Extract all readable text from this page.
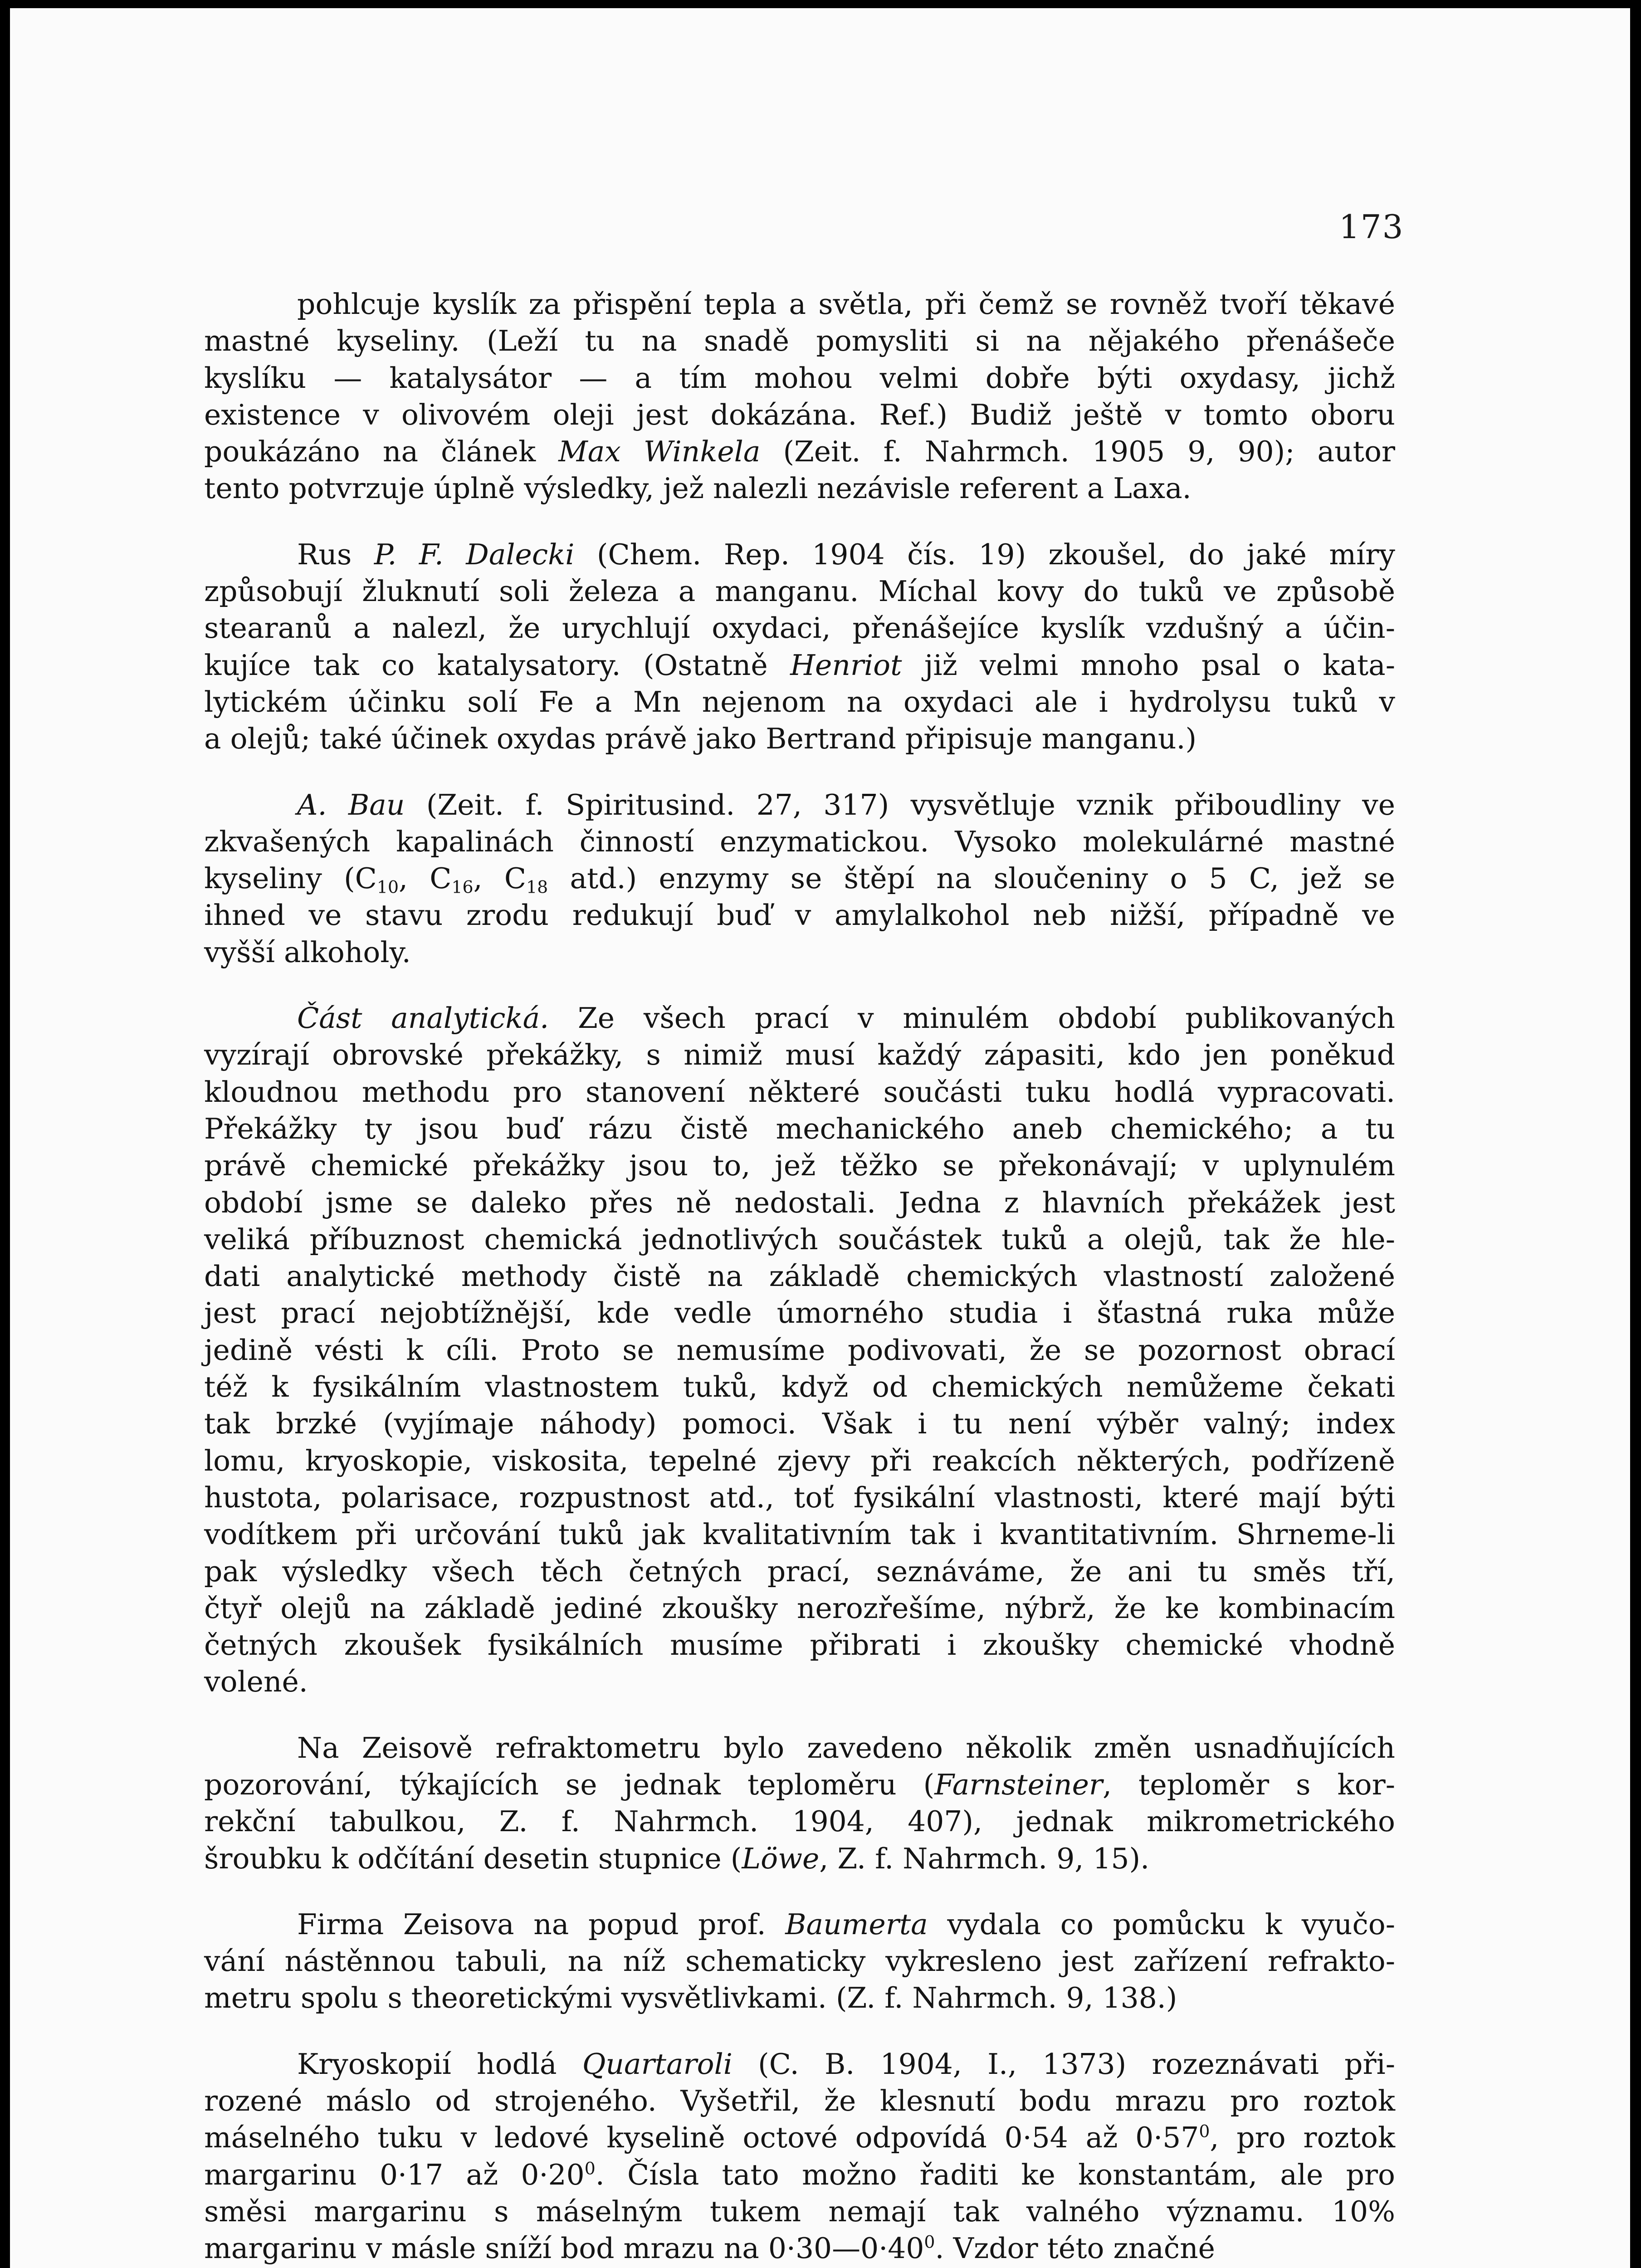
173
pohlcuje kyslík za přispění tepla a světla, při čemž se rovněž tvoří těkavé
mastné kyseliny. (Leží tu na snadě pomysliti si na nějakého přenášeče
kyslíku — katalysátor — a tím mohou velmi dobře býti oxydasy, jichž
existence v olivovém oleji jest dokázána. Ref.) Budiž ještě v tomto oboru
poukázáno na článek Max Winkela (Zeit. f. Nahrmch. 1905 9, 90); autor
tento potvrzuje úplně výsledky, jež nalezli nezávisle referent a Laxa.
Rus P. F. Dalecki (Chem. Rep. 1904 čís. 19) zkoušel, do jaké míry
způsobují žluknutí soli železa a manganu. Míchal kovy do tuků ve způsobě
stearanů a nalezl, že urychlují oxydaci, přenášejíce kyslík vzdušný a účin-
kujíce tak co katalysatory. (Ostatně Henriot již velmi mnoho psal o kata-
lytickém účinku solí Fe a Mn nejenom na oxydaci ale i hydrolysu tuků v
a olejů; také účinek oxydas právě jako Bertrand připisuje manganu.)
A. Bau (Zeit. f. Spiritusind. 27, 317) vysvětluje vznik přiboudliny ve
zkvašených kapalinách činností enzymatickou. Vysoko molekulárné mastné
kyseliny ($C_{10}$, $C_{16}$, $C_{18}$ atd.) enzymy se štěpí na sloučeniny o 5 C, jež se
ihned ve stavu zrodu redukují buď v amylalkohol neb nižší, případně ve
vyšší alkoholy.
Část analytická. Ze všech prací v minulém období publikovaných
vyzírají obrovské překážky, s nimiž musí každý zápasiti, kdo jen poněkud
kloudnou methodu pro stanovení některé součásti tuku hodlá vypracovati.
Překážky ty jsou buď rázu čistě mechanického aneb chemického; a tu
právě chemické překážky jsou to, jež těžko se překonávají; v uplynulém
období jsme se daleko přes ně nedostali. Jedna z hlavních překážek jest
veliká příbuznost chemická jednotlivých součástek tuků a olejů, tak že hle-
dati analytické methody čistě na základě chemických vlastností založené
jest prací nejobtížnější, kde vedle úmorného studia i šťastná ruka může
jedině vésti k cíli. Proto se nemusíme podivovati, že se pozornost obrací
též k fysikálním vlastnostem tuků, když od chemických nemůžeme čekati
tak brzké (vyjímaje náhody) pomoci. Však i tu není výběr valný; index
lomu, kryoskopie, viskosita, tepelné zjevy při reakcích některých, podřízeně
hustota, polarisace, rozpustnost atd., toť fysikální vlastnosti, které mají býti
vodítkem při určování tuků jak kvalitativním tak i kvantitativním. Shrneme-li
pak výsledky všech těch četných prací, seznáváme, že ani tu směs tří,
čtyř olejů na základě jediné zkoušky nerozřešíme, nýbrž, že ke kombinacím
četných zkoušek fysikálních musíme přibrati i zkoušky chemické vhodně
volené.
Na Zeisově refraktometru bylo zavedeno několik změn usnadňujících
pozorování, týkajících se jednak teploměru (Farnsteiner, teploměr s kor-
rekční tabulkou, Z. f. Nahrmch. 1904, 407), jednak mikrometrického
šroubku k odčítání desetin stupnice (Löwe, Z. f. Nahrmch. 9, 15).
Firma Zeisova na popud prof. Baumerta vydala co pomůcku k vyučo-
vání nástěnnou tabuli, na níž schematicky vykresleno jest zařízení refrakto-
metru spolu s theoretickými vysvětlivkami. (Z. f. Nahrmch. 9, 138.)
Kryoskopií hodlá Quartaroli (C. B. 1904, I., 1373) rozeznávati při-
rozené máslo od strojeného. Vyšetřil, že klesnutí bodu mrazu pro roztok
máselného tuku v ledové kyselině octové odpovídá 0·54 až $0\cdot 57^0$, pro roztok
margarinu 0·17 až $0\cdot 20^0$. Čísla tato možno řaditi ke konstantám, ale pro
směsi margarinu s máselným tukem nemají tak valného významu. 10%
margarinu v másle sníží bod mrazu na $0\cdot 30—0\cdot 40^0$. Vzdor této značné
